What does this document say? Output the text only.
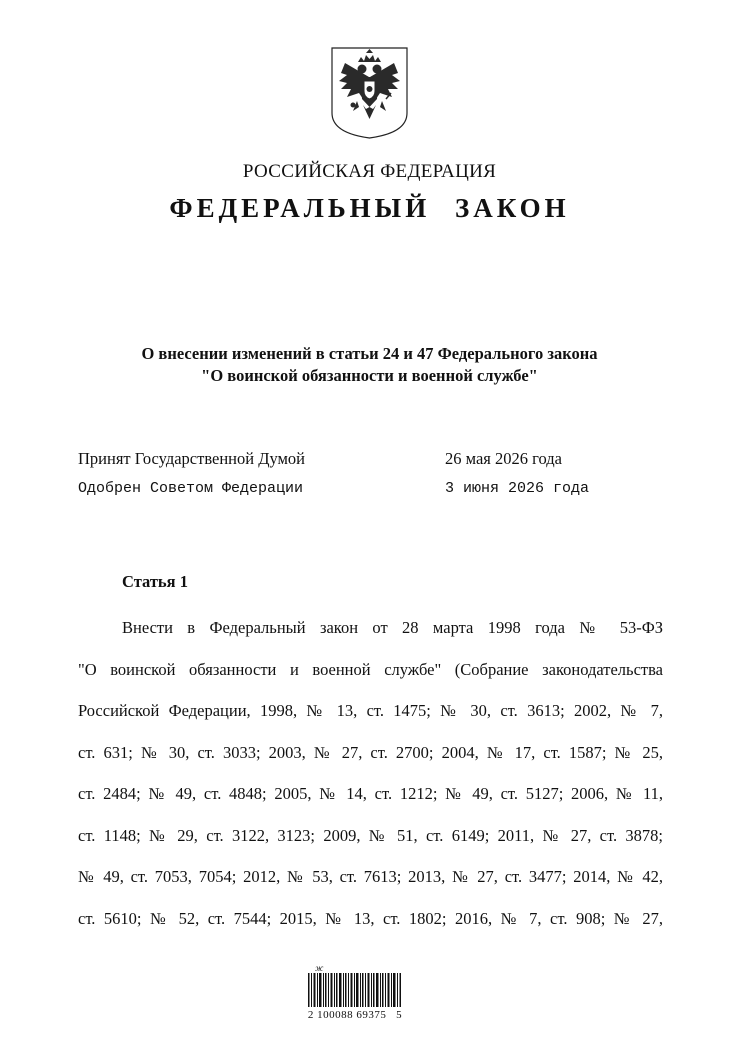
РОССИЙСКАЯ ФЕДЕРАЦИЯ
ФЕДЕРАЛЬНЫЙ ЗАКОН
О внесении изменений в статьи 24 и 47 Федерального закона
"О воинской обязанности и военной службе"
Принят Государственной Думой	26 мая 2026 года
Одобрен Советом Федерации	3 июня 2026 года
Статья 1
Внести в Федеральный закон от 28 марта 1998 года № 53-ФЗ
"О воинской обязанности и военной службе" (Собрание законодательства
Российской Федерации, 1998, № 13, ст. 1475; № 30, ст. 3613; 2002, № 7,
ст. 631; № 30, ст. 3033; 2003, № 27, ст. 2700; 2004, № 17, ст. 1587; № 25,
ст. 2484; № 49, ст. 4848; 2005, № 14, ст. 1212; № 49, ст. 5127; 2006, № 11,
ст. 1148; № 29, ст. 3122, 3123; 2009, № 51, ст. 6149; 2011, № 27, ст. 3878;
№ 49, ст. 7053, 7054; 2012, № 53, ст. 7613; 2013, № 27, ст. 3477; 2014, № 42,
ст. 5610; № 52, ст. 7544; 2015, № 13, ст. 1802; 2016, № 7, ст. 908; № 27,
ж
2 100088 69375   5
